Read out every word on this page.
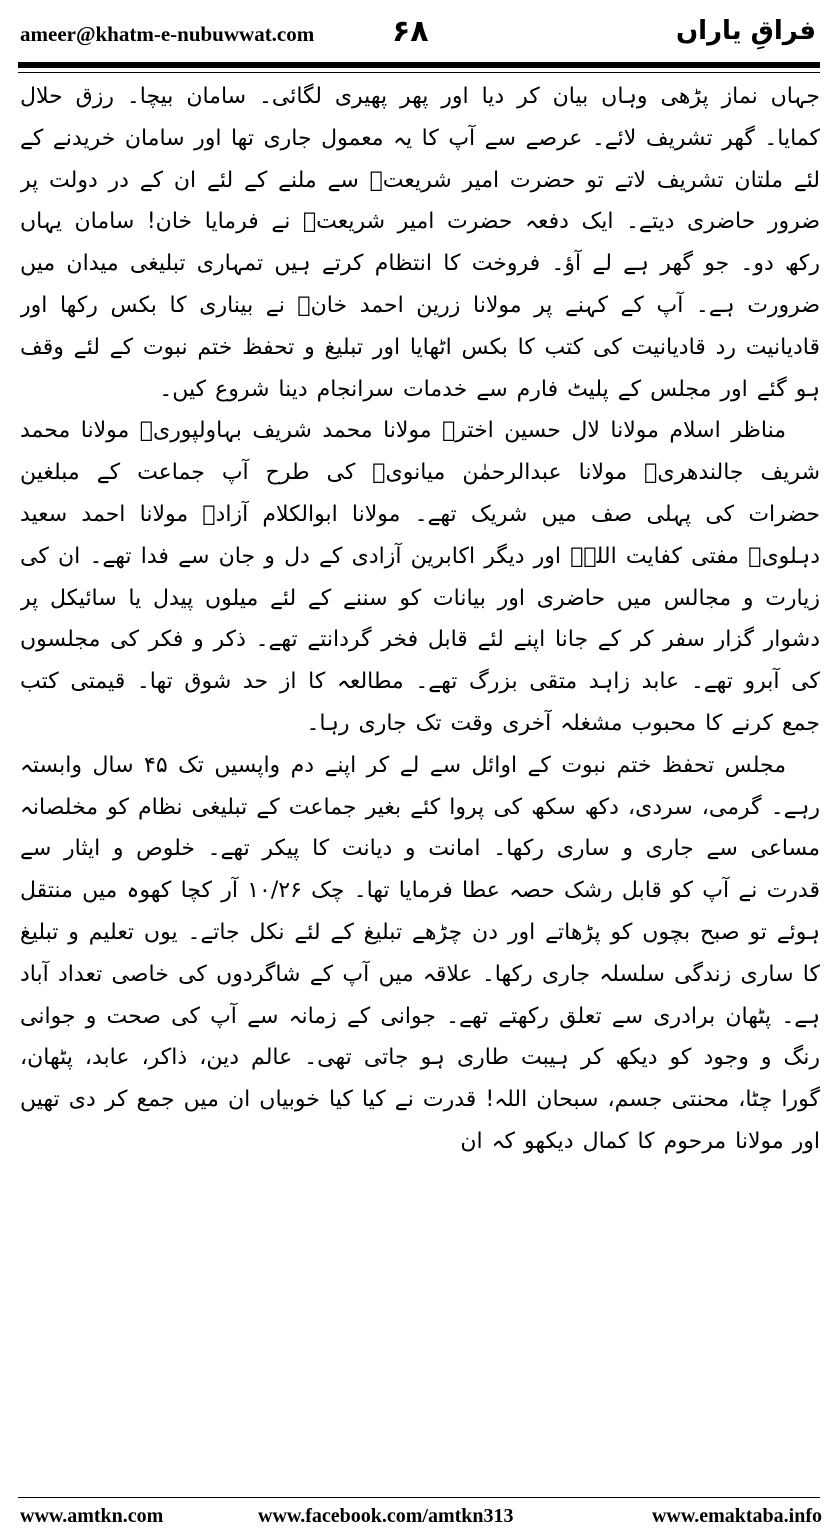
ameer@khatm-e-nubuwwat.com	۶۸	فراقِ یاراں

جہاں نماز پڑھی وہاں بیان کر دیا اور پھر پھیری لگائی۔ سامان بیچا۔ رزق حلال کمایا۔ گھر تشریف لائے۔ عرصے سے آپ کا یہ معمول جاری تھا اور سامان خریدنے کے لئے ملتان تشریف لاتے تو حضرت امیر شریعتؒ سے ملنے کے لئے ان کے در دولت پر ضرور حاضری دیتے۔ ایک دفعہ حضرت امیر شریعتؒ نے فرمایا خان! سامان یہاں رکھ دو۔ جو گھر ہے لے آؤ۔ فروخت کا انتظام کرتے ہیں تمہاری تبلیغی میدان میں ضرورت ہے۔ آپ کے کہنے پر مولانا زرین احمد خانؒ نے بیناری کا بکس رکھا اور قادیانیت رد قادیانیت کی کتب کا بکس اٹھایا اور تبلیغ و تحفظ ختم نبوت کے لئے وقف ہو گئے اور مجلس کے پلیٹ فارم سے خدمات سرانجام دینا شروع کیں۔

مناظر اسلام مولانا لال حسین اخترؒ مولانا محمد شریف بہاولپوریؒ مولانا محمد شریف جالندھریؒ مولانا عبدالرحمٰن میانویؒ کی طرح آپ جماعت کے مبلغین حضرات کی پہلی صف میں شریک تھے۔ مولانا ابوالکلام آزادؒ مولانا احمد سعید دہلویؒ مفتی کفایت اللہؒ اور دیگر اکابرین آزادی کے دل و جان سے فدا تھے۔ ان کی زیارت و مجالس میں حاضری اور بیانات کو سننے کے لئے میلوں پیدل یا سائیکل پر دشوار گزار سفر کر کے جانا اپنے لئے قابل فخر گردانتے تھے۔ ذکر و فکر کی مجلسوں کی آبرو تھے۔ عابد زاہد متقی بزرگ تھے۔ مطالعہ کا از حد شوق تھا۔ قیمتی کتب جمع کرنے کا محبوب مشغلہ آخری وقت تک جاری رہا۔

مجلس تحفظ ختم نبوت کے اوائل سے لے کر اپنے دم واپسیں تک ۴۵ سال وابستہ رہے۔ گرمی، سردی، دکھ سکھ کی پروا کئے بغیر جماعت کے تبلیغی نظام کو مخلصانہ مساعی سے جاری و ساری رکھا۔ امانت و دیانت کا پیکر تھے۔ خلوص و ایثار سے قدرت نے آپ کو قابل رشک حصہ عطا فرمایا تھا۔ چک ۱۰/۲۶ آر کچا کھوہ میں منتقل ہوئے تو صبح بچوں کو پڑھاتے اور دن چڑھے تبلیغ کے لئے نکل جاتے۔ یوں تعلیم و تبلیغ کا ساری زندگی سلسلہ جاری رکھا۔ علاقہ میں آپ کے شاگردوں کی خاصی تعداد آباد ہے۔ پٹھان برادری سے تعلق رکھتے تھے۔ جوانی کے زمانہ سے آپ کی صحت و جوانی رنگ و وجود کو دیکھ کر ہیبت طاری ہو جاتی تھی۔ عالم دین، ذاکر، عابد، پٹھان، گورا چٹا، محنتی جسم، سبحان اللہ! قدرت نے کیا کیا خوبیاں ان میں جمع کر دی تھیں اور مولانا مرحوم کا کمال دیکھو کہ ان

www.amtkn.com	www.facebook.com/amtkn313	www.emaktaba.info
